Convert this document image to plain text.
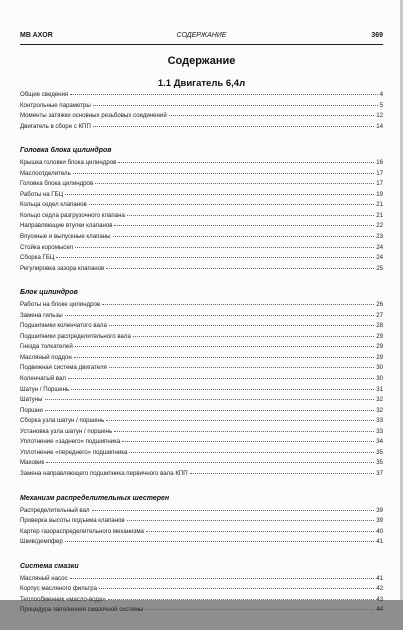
MB AXOR	СОДЕРЖАНИЕ	369
Содержание
1.1 Двигатель 6,4л
Общие сведения	4
Контрольные параметры	5
Моменты затяжки основных резьбовых соединений	12
Двигатель в сборе с КПП	14
Головка блока цилиндров
Крышка головки блока цилиндров	16
Маслоотделитель	17
Головка блока цилиндров	17
Работы на ГБЦ	19
Кольца седел клапанов	21
Кольцо седла разгрузочного клапана	21
Направляющие втулки клапанов	22
Впускные и выпускные клапаны	23
Стойка коромысел	24
Сборка ГБЦ	24
Регулировка зазора клапанов	25
Блок цилиндров
Работы на блоке цилиндров	26
Замена гильзы	27
Подшипники коленчатого вала	28
Подшипники распределительного вала	29
Гнезда толкателей	29
Масляный поддон	29
Подвижная система двигателя	30
Коленчатый вал	30
Шатун / Поршень	31
Шатуны	32
Поршни	32
Сборка узла шатун / поршень	33
Установка узла шатун / поршень	33
Уплотнение «заднего» подшипника	34
Уплотнение «переднего» подшипника	35
Маховик	35
Замена направляющего подшипника первичного вала КПП	37
Механизм распределительных шестерен
Распределительный вал	39
Проверка высоты подъема клапанов	39
Картер газораспределительного механизма	40
Шкив/демпфер	41
Система смазки
Масляный насос	41
Корпус масляного фильтра	42
Теплообменник «масло-вода»	43
Процедура заполнения смазочной системы	44
